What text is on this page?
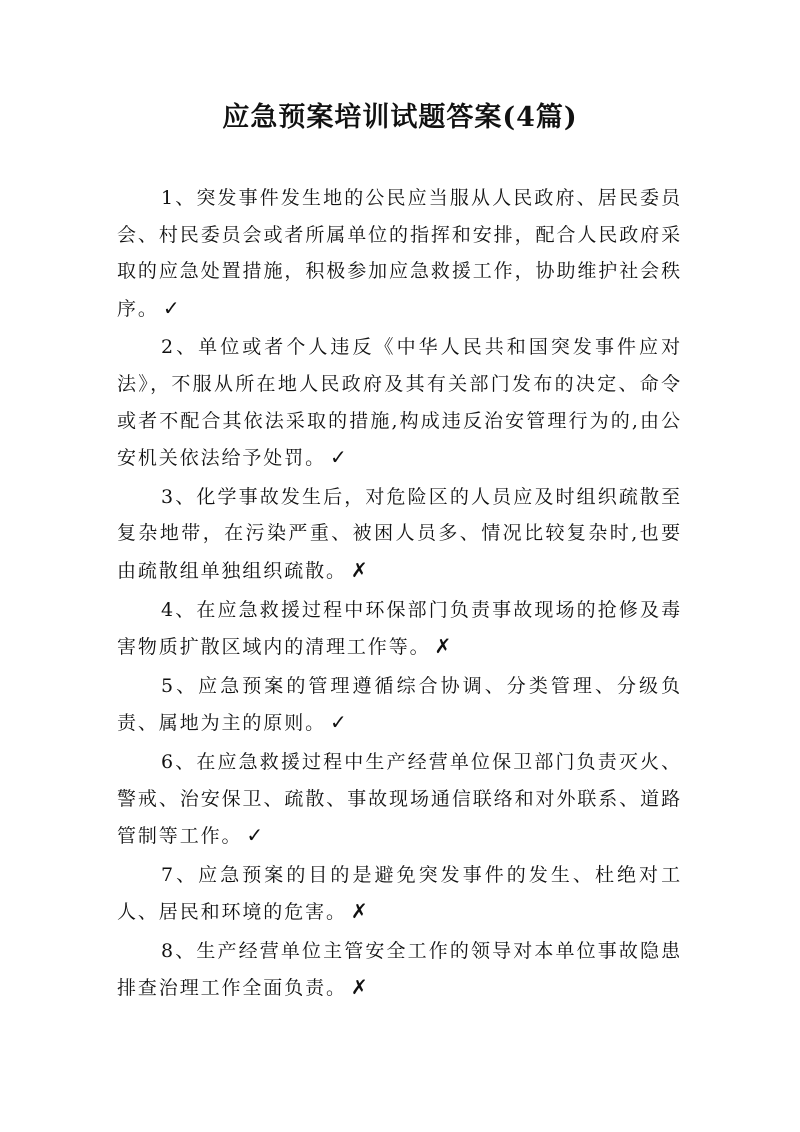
应急预案培训试题答案(4篇)

1、突发事件发生地的公民应当服从人民政府、居民委员会、村民委员会或者所属单位的指挥和安排，配合人民政府采取的应急处置措施，积极参加应急救援工作，协助维护社会秩序。 ✓

2、单位或者个人违反《中华人民共和国突发事件应对法》，不服从所在地人民政府及其有关部门发布的决定、命令或者不配合其依法采取的措施,构成违反治安管理行为的,由公安机关依法给予处罚。 ✓

3、化学事故发生后，对危险区的人员应及时组织疏散至复杂地带，在污染严重、被困人员多、情况比较复杂时,也要由疏散组单独组织疏散。 ✗

4、在应急救援过程中环保部门负责事故现场的抢修及毒害物质扩散区域内的清理工作等。 ✗

5、应急预案的管理遵循综合协调、分类管理、分级负责、属地为主的原则。 ✓

6、在应急救援过程中生产经营单位保卫部门负责灭火、警戒、治安保卫、疏散、事故现场通信联络和对外联系、道路管制等工作。 ✓

7、应急预案的目的是避免突发事件的发生、杜绝对工人、居民和环境的危害。 ✗

8、生产经营单位主管安全工作的领导对本单位事故隐患排查治理工作全面负责。 ✗
